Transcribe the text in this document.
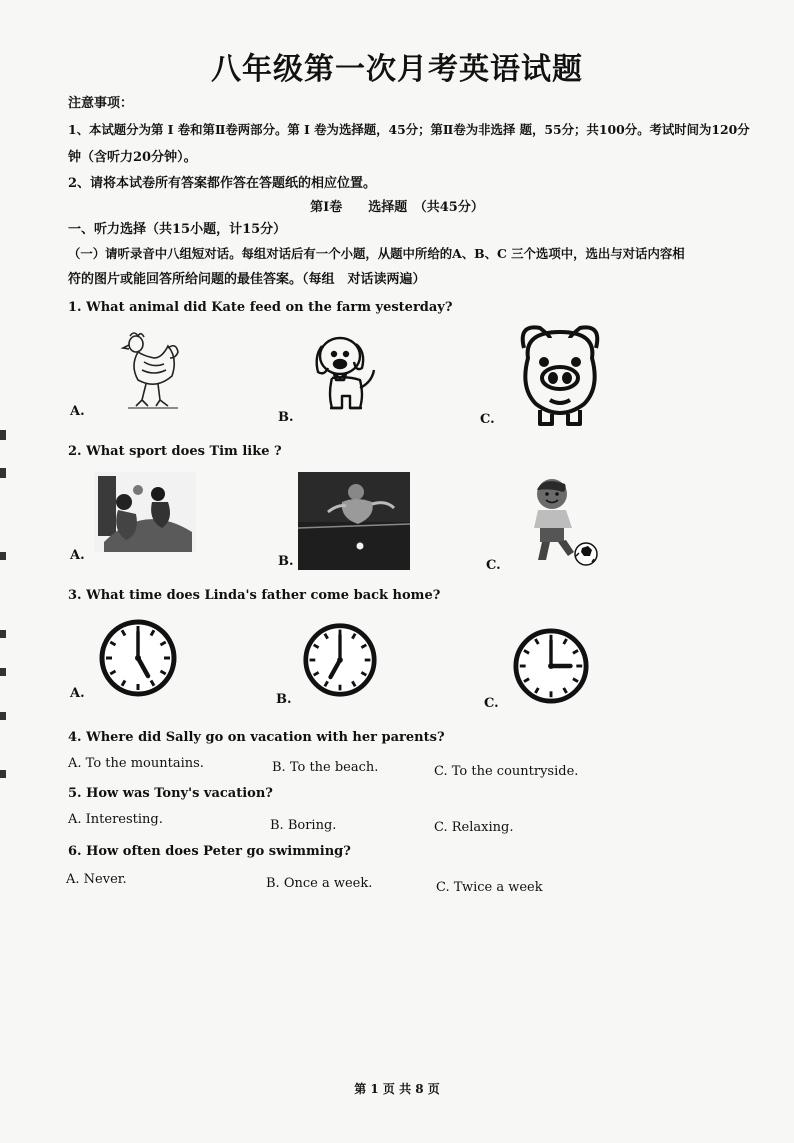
八年级第一次月考英语试题
注意事项：
1、本试题分为第 Ⅰ 卷和第Ⅱ卷两部分。第 Ⅰ 卷为选择题，45分；第Ⅱ卷为非选择 题，55分；共100分。考试时间为120分
钟（含听力20分钟）。
2、请将本试卷所有答案都作答在答题纸的相应位置。
第Ⅰ卷　　选择题　（共45分）
一、听力选择（共15小题，计15分）
（一）请听录音中八组短对话。每组对话后有一个小题，从题中所给的A、B、C 三个选项中，选出与对话内容相
符的图片或能回答所给问题的最佳答案。（每组　对话读两遍）
1. What animal did Kate feed on the farm yesterday?
A.	B.	C.
2. What sport does Tim like ?
A.	B.	C.
3. What time does Linda's father come back home?
A.	B.	C.
4. Where did Sally go on vacation with her parents?
A. To the mountains.	B. To the beach.	C. To the countryside.
5. How was Tony's vacation?
A. Interesting.	B. Boring.	C. Relaxing.
6. How often does Peter go swimming?
A. Never.	B. Once a week.	C. Twice a week
第 1 页 共 8 页
